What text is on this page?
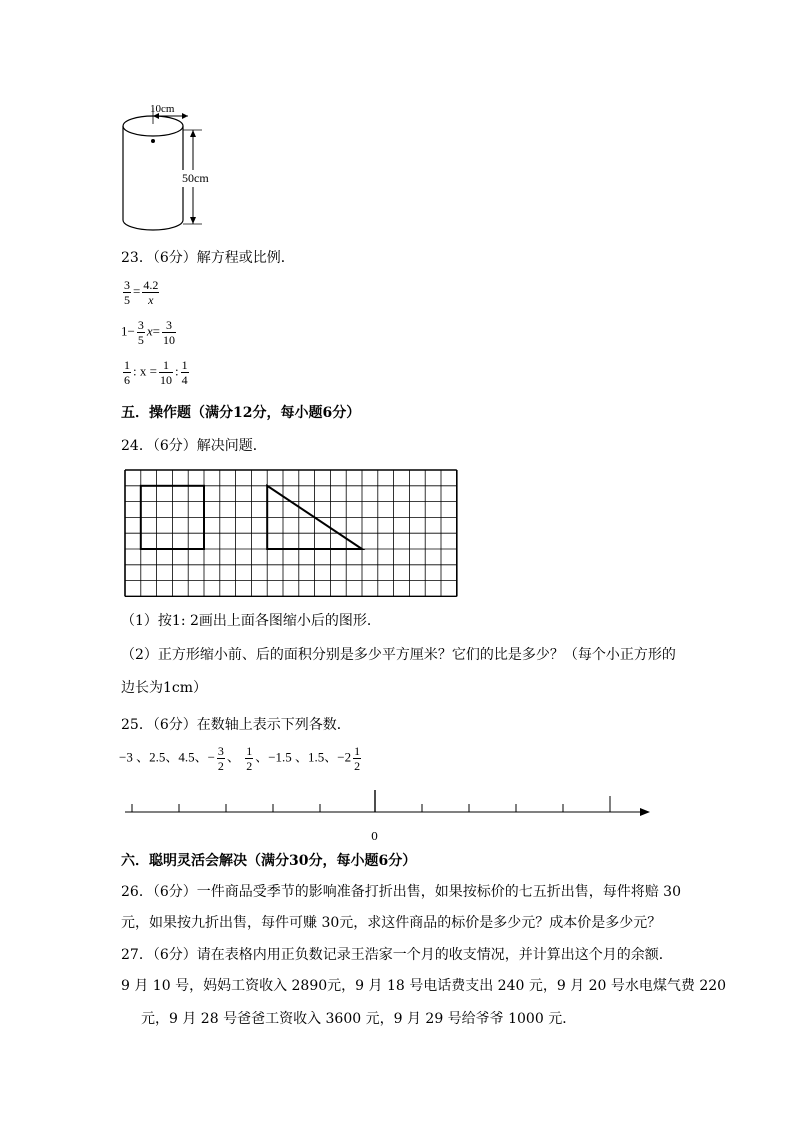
10cm
50cm
23．（6分）解方程或比例．
$\frac{3}{5} = \frac{4.2}{x}$
$1- \frac{3}{5} x= \frac{3}{10}$
$\frac{1}{6}$ : $x = \frac{1}{10}$ : $\frac{1}{4}$
五．操作题（满分12分，每小题6分）
24．（6分）解决问题．
（1）按1: 2画出上面各图缩小后的图形．
（2）正方形缩小前、后的面积分别是多少平方厘米？它们的比是多少？（每个小正方形的
边长为1cm）
25．（6分）在数轴上表示下列各数．
−3 、2.5、4.5、− $\frac{3}{2}$ 、 $\frac{1}{2}$ 、−1.5 、1.5、$-2 \frac{1}{2}$
0
六．聪明灵活会解决（满分30分，每小题6分）
26．（6分）一件商品受季节的影响准备打折出售，如果按标价的七五折出售，每件将赔 30
元，如果按九折出售，每件可赚 30元，求这件商品的标价是多少元？成本价是多少元？
27．（6分）请在表格内用正负数记录王浩家一个月的收支情况，并计算出这个月的余额．
9 月 10 号，妈妈工资收入 2890元，9 月 18 号电话费支出 240 元，9 月 20 号水电煤气费 220
元，9 月 28 号爸爸工资收入 3600 元，9 月 29 号给爷爷 1000 元．
